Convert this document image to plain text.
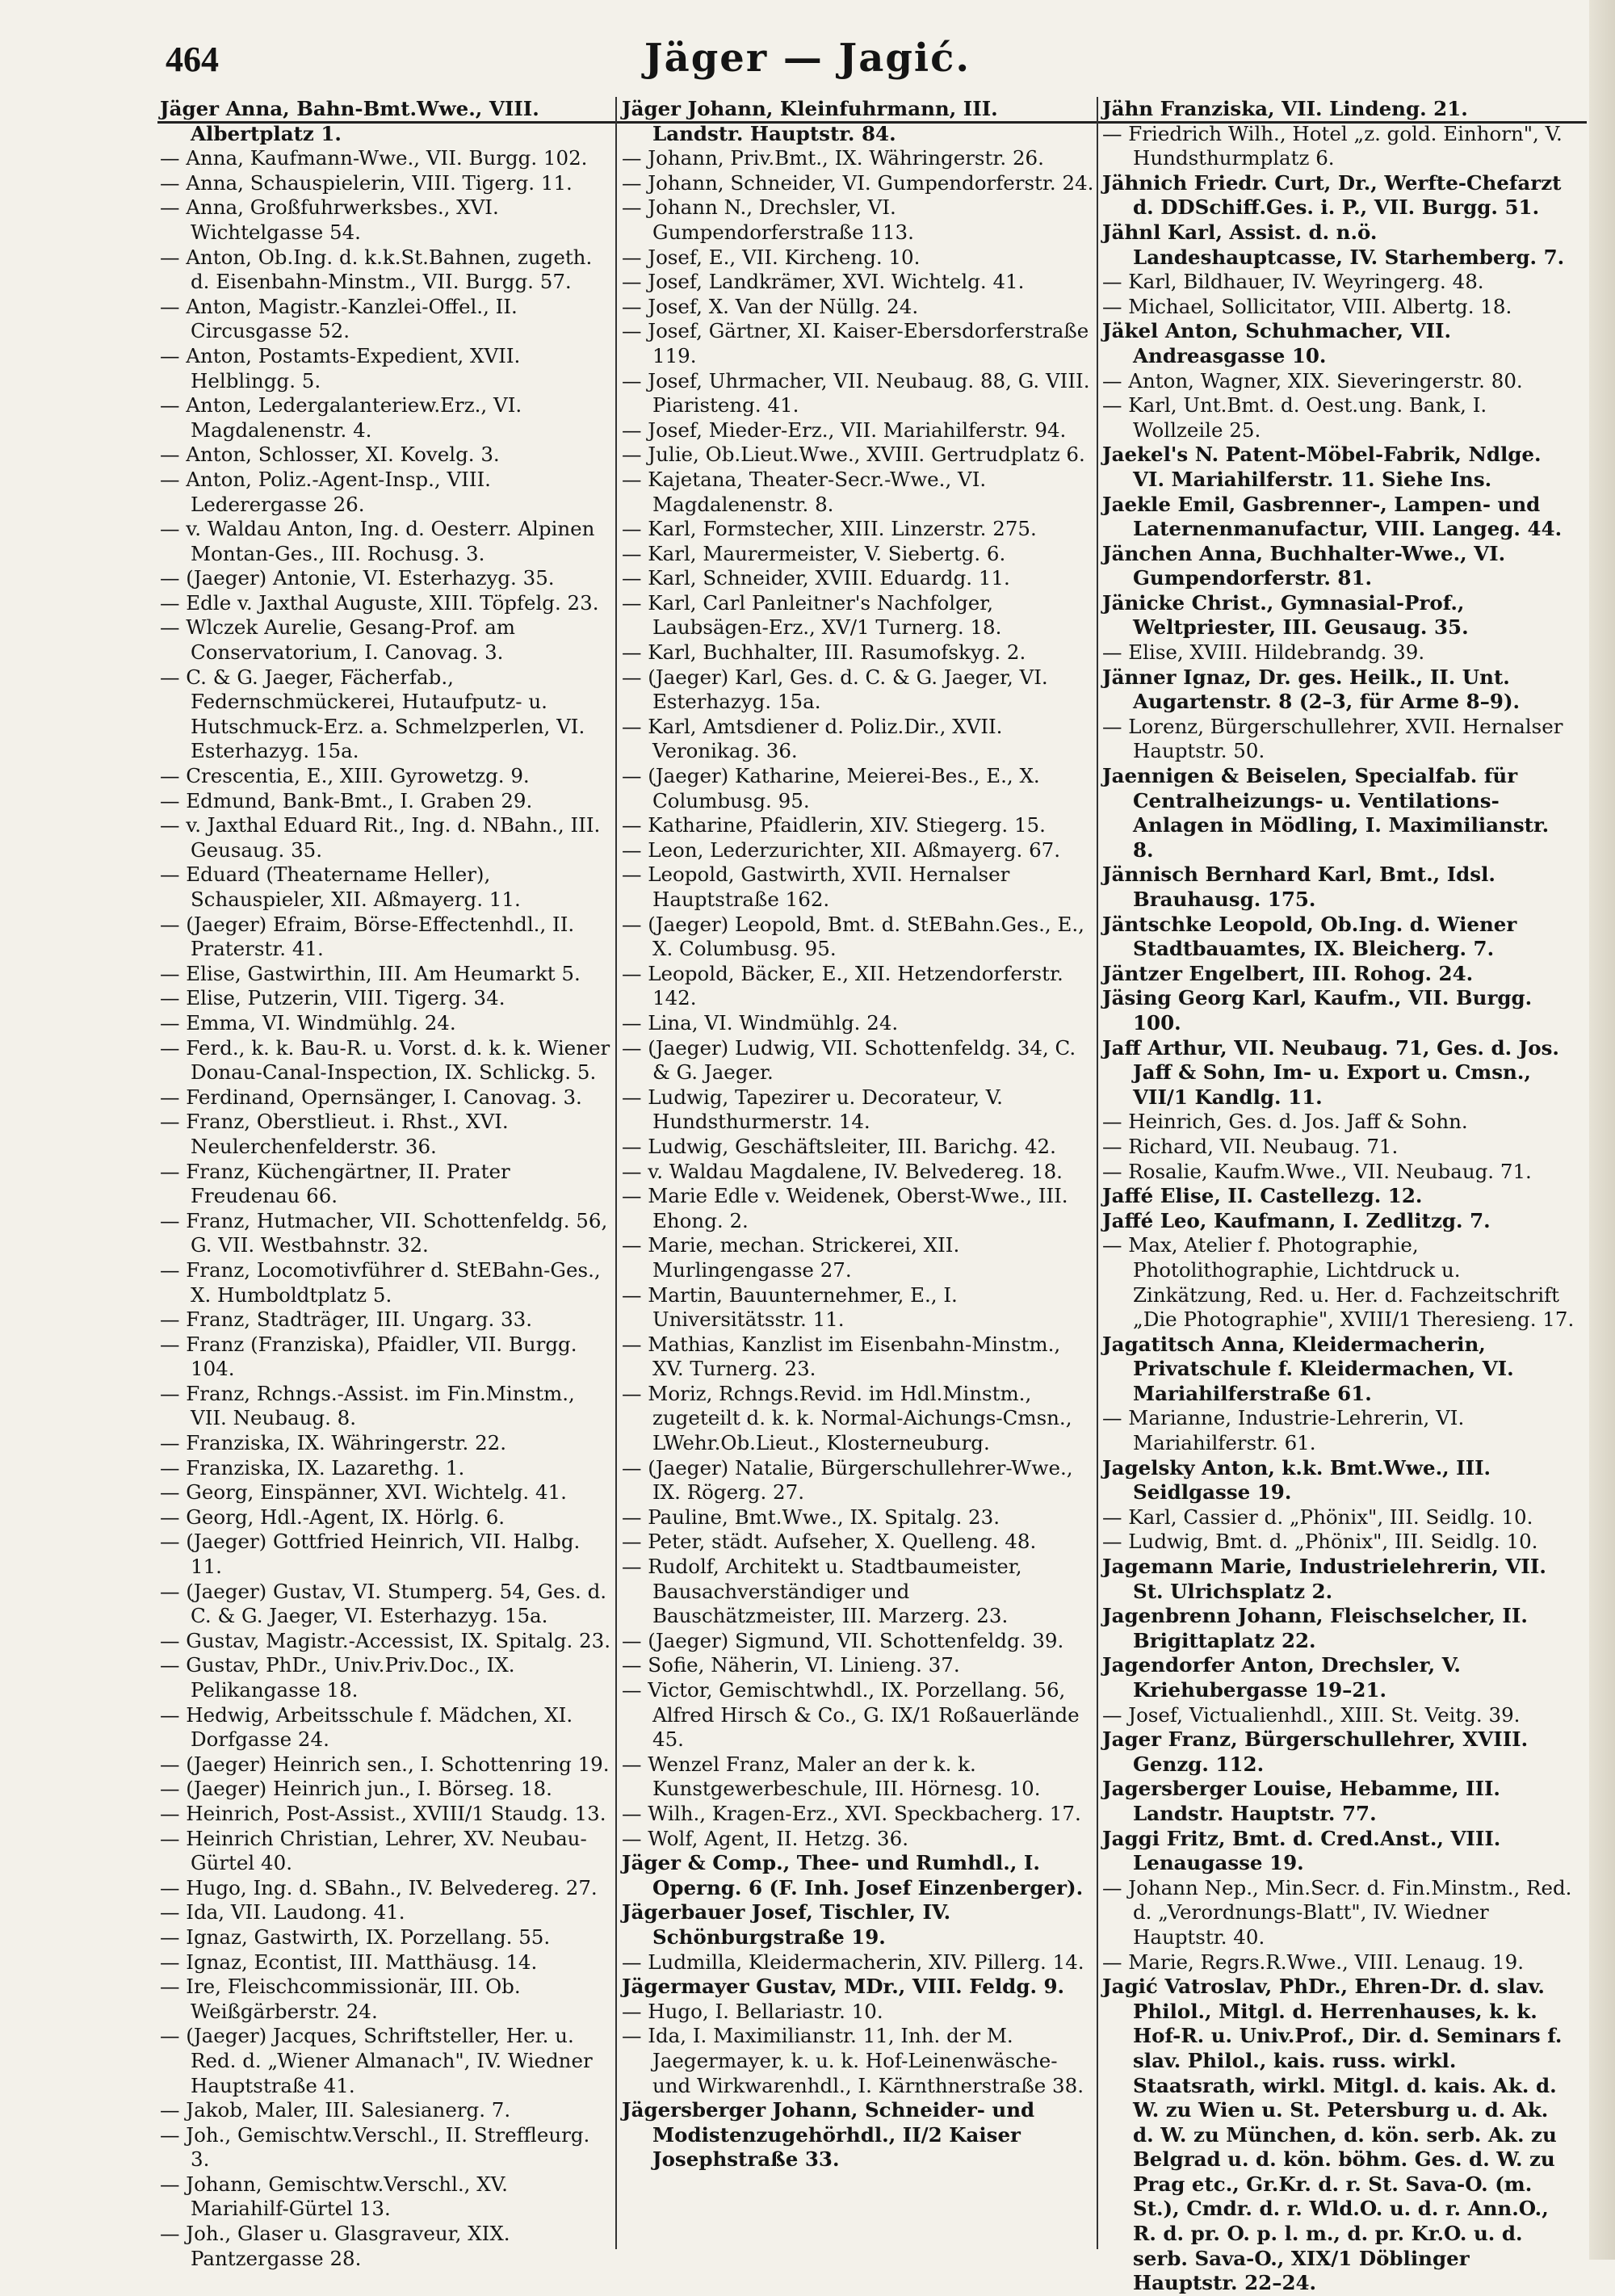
464	Jäger — Jagić.

Jäger Anna, Bahn-Bmt.Wwe., VIII. Albertplatz 1.

— Anna, Kaufmann-Wwe., VII. Burgg. 102.

— Anna, Schauspielerin, VIII. Tigerg. 11.

— Anna, Großfuhrwerksbes., XVI. Wichtelgasse 54.

— Anton, Ob.Ing. d. k.k.St.Bahnen, zugeth. d. Eisenbahn-Minstm., VII. Burgg. 57.

— Anton, Magistr.-Kanzlei-Offel., II. Circusgasse 52.

— Anton, Postamts-Expedient, XVII. Helblingg. 5.

— Anton, Ledergalanteriew.Erz., VI. Magdalenenstr. 4.

— Anton, Schlosser, XI. Kovelg. 3.

— Anton, Poliz.-Agent-Insp., VIII. Lederergasse 26.

— v. Waldau Anton, Ing. d. Oesterr. Alpinen Montan-Ges., III. Rochusg. 3.

— (Jaeger) Antonie, VI. Esterhazyg. 35.

— Edle v. Jaxthal Auguste, XIII. Töpfelg. 23.

— Wlczek Aurelie, Gesang-Prof. am Conservatorium, I. Canovag. 3.

— C. & G. Jaeger, Fächerfab., Federnschmückerei, Hutaufputz- u. Hutschmuck-Erz. a. Schmelzperlen, VI. Esterhazyg. 15a.

— Crescentia, E., XIII. Gyrowetzg. 9.

— Edmund, Bank-Bmt., I. Graben 29.

— v. Jaxthal Eduard Rit., Ing. d. NBahn., III. Geusaug. 35.

— Eduard (Theatername Heller), Schauspieler, XII. Aßmayerg. 11.

— (Jaeger) Efraim, Börse-Effectenhdl., II. Praterstr. 41.

— Elise, Gastwirthin, III. Am Heumarkt 5.

— Elise, Putzerin, VIII. Tigerg. 34.

— Emma, VI. Windmühlg. 24.

— Ferd., k. k. Bau-R. u. Vorst. d. k. k. Wiener Donau-Canal-Inspection, IX. Schlickg. 5.

— Ferdinand, Opernsänger, I. Canovag. 3.

— Franz, Oberstlieut. i. Rhst., XVI. Neulerchenfelderstr. 36.

— Franz, Küchengärtner, II. Prater Freudenau 66.

— Franz, Hutmacher, VII. Schottenfeldg. 56, G. VII. Westbahnstr. 32.

— Franz, Locomotivführer d. StEBahn-Ges., X. Humboldtplatz 5.

— Franz, Stadträger, III. Ungarg. 33.

— Franz (Franziska), Pfaidler, VII. Burgg. 104.

— Franz, Rchngs.-Assist. im Fin.Minstm., VII. Neubaug. 8.

— Franziska, IX. Währingerstr. 22.

— Franziska, IX. Lazarethg. 1.

— Georg, Einspänner, XVI. Wichtelg. 41.

— Georg, Hdl.-Agent, IX. Hörlg. 6.

— (Jaeger) Gottfried Heinrich, VII. Halbg. 11.

— (Jaeger) Gustav, VI. Stumperg. 54, Ges. d. C. & G. Jaeger, VI. Esterhazyg. 15a.

— Gustav, Magistr.-Accessist, IX. Spitalg. 23.

— Gustav, PhDr., Univ.Priv.Doc., IX. Pelikangasse 18.

— Hedwig, Arbeitsschule f. Mädchen, XI. Dorfgasse 24.

— (Jaeger) Heinrich sen., I. Schottenring 19.

— (Jaeger) Heinrich jun., I. Börseg. 18.

— Heinrich, Post-Assist., XVIII/1 Staudg. 13.

— Heinrich Christian, Lehrer, XV. Neubau-Gürtel 40.

— Hugo, Ing. d. SBahn., IV. Belvedereg. 27.

— Ida, VII. Laudong. 41.

— Ignaz, Gastwirth, IX. Porzellang. 55.

— Ignaz, Econtist, III. Matthäusg. 14.

— Ire, Fleischcommissionär, III. Ob. Weißgärberstr. 24.

— (Jaeger) Jacques, Schriftsteller, Her. u. Red. d. „Wiener Almanach", IV. Wiedner Hauptstraße 41.

— Jakob, Maler, III. Salesianerg. 7.

— Joh., Gemischtw.Verschl., II. Streffleurg. 3.

— Johann, Gemischtw.Verschl., XV. Mariahilf-Gürtel 13.

— Joh., Glaser u. Glasgraveur, XIX. Pantzergasse 28.

Jäger Johann, Kleinfuhrmann, III. Landstr. Hauptstr. 84.

— Johann, Priv.Bmt., IX. Währingerstr. 26.

— Johann, Schneider, VI. Gumpendorferstr. 24.

— Johann N., Drechsler, VI. Gumpendorferstraße 113.

— Josef, E., VII. Kircheng. 10.

— Josef, Landkrämer, XVI. Wichtelg. 41.

— Josef, X. Van der Nüllg. 24.

— Josef, Gärtner, XI. Kaiser-Ebersdorferstraße 119.

— Josef, Uhrmacher, VII. Neubaug. 88, G. VIII. Piaristeng. 41.

— Josef, Mieder-Erz., VII. Mariahilferstr. 94.

— Julie, Ob.Lieut.Wwe., XVIII. Gertrudplatz 6.

— Kajetana, Theater-Secr.-Wwe., VI. Magdalenenstr. 8.

— Karl, Formstecher, XIII. Linzerstr. 275.

— Karl, Maurermeister, V. Siebertg. 6.

— Karl, Schneider, XVIII. Eduardg. 11.

— Karl, Carl Panleitner's Nachfolger, Laubsägen-Erz., XV/1 Turnerg. 18.

— Karl, Buchhalter, III. Rasumofskyg. 2.

— (Jaeger) Karl, Ges. d. C. & G. Jaeger, VI. Esterhazyg. 15a.

— Karl, Amtsdiener d. Poliz.Dir., XVII. Veronikag. 36.

— (Jaeger) Katharine, Meierei-Bes., E., X. Columbusg. 95.

— Katharine, Pfaidlerin, XIV. Stiegerg. 15.

— Leon, Lederzurichter, XII. Aßmayerg. 67.

— Leopold, Gastwirth, XVII. Hernalser Hauptstraße 162.

— (Jaeger) Leopold, Bmt. d. StEBahn.Ges., E., X. Columbusg. 95.

— Leopold, Bäcker, E., XII. Hetzendorferstr. 142.

— Lina, VI. Windmühlg. 24.

— (Jaeger) Ludwig, VII. Schottenfeldg. 34, C. & G. Jaeger.

— Ludwig, Tapezirer u. Decorateur, V. Hundsthurmerstr. 14.

— Ludwig, Geschäftsleiter, III. Barichg. 42.

— v. Waldau Magdalene, IV. Belvedereg. 18.

— Marie Edle v. Weidenek, Oberst-Wwe., III. Ehong. 2.

— Marie, mechan. Strickerei, XII. Murlingengasse 27.

— Martin, Bauunternehmer, E., I. Universitätsstr. 11.

— Mathias, Kanzlist im Eisenbahn-Minstm., XV. Turnerg. 23.

— Moriz, Rchngs.Revid. im Hdl.Minstm., zugeteilt d. k. k. Normal-Aichungs-Cmsn., LWehr.Ob.Lieut., Klosterneuburg.

— (Jaeger) Natalie, Bürgerschullehrer-Wwe., IX. Rögerg. 27.

— Pauline, Bmt.Wwe., IX. Spitalg. 23.

— Peter, städt. Aufseher, X. Quelleng. 48.

— Rudolf, Architekt u. Stadtbaumeister, Bausachverständiger und Bauschätzmeister, III. Marzerg. 23.

— (Jaeger) Sigmund, VII. Schottenfeldg. 39.

— Sofie, Näherin, VI. Linieng. 37.

— Victor, Gemischtwhdl., IX. Porzellang. 56, Alfred Hirsch & Co., G. IX/1 Roßauerlände 45.

— Wenzel Franz, Maler an der k. k. Kunstgewerbeschule, III. Hörnesg. 10.

— Wilh., Kragen-Erz., XVI. Speckbacherg. 17.

— Wolf, Agent, II. Hetzg. 36.

Jäger & Comp., Thee- und Rumhdl., I. Operng. 6 (F. Inh. Josef Einzenberger).

Jägerbauer Josef, Tischler, IV. Schönburgstraße 19.

— Ludmilla, Kleidermacherin, XIV. Pillerg. 14.

Jägermayer Gustav, MDr., VIII. Feldg. 9.

— Hugo, I. Bellariastr. 10.

— Ida, I. Maximilianstr. 11, Inh. der M. Jaegermayer, k. u. k. Hof-Leinenwäsche- und Wirkwarenhdl., I. Kärnthnerstraße 38.

Jägersberger Johann, Schneider- und Modistenzugehörhdl., II/2 Kaiser Josephstraße 33.

Jähn Franziska, VII. Lindeng. 21.

— Friedrich Wilh., Hotel „z. gold. Einhorn", V. Hundsthurmplatz 6.

Jähnich Friedr. Curt, Dr., Werfte-Chefarzt d. DDSchiff.Ges. i. P., VII. Burgg. 51.

Jähnl Karl, Assist. d. n.ö. Landeshauptcasse, IV. Starhemberg. 7.

— Karl, Bildhauer, IV. Weyringerg. 48.

— Michael, Sollicitator, VIII. Albertg. 18.

Jäkel Anton, Schuhmacher, VII. Andreasgasse 10.

— Anton, Wagner, XIX. Sieveringerstr. 80.

— Karl, Unt.Bmt. d. Oest.ung. Bank, I. Wollzeile 25.

Jaekel's N. Patent-Möbel-Fabrik, Ndlge. VI. Mariahilferstr. 11. Siehe Ins.

Jaekle Emil, Gasbrenner-, Lampen- und Laternenmanufactur, VIII. Langeg. 44.

Jänchen Anna, Buchhalter-Wwe., VI. Gumpendorferstr. 81.

Jänicke Christ., Gymnasial-Prof., Weltpriester, III. Geusaug. 35.

— Elise, XVIII. Hildebrandg. 39.

Jänner Ignaz, Dr. ges. Heilk., II. Unt. Augartenstr. 8 (2–3, für Arme 8–9).

— Lorenz, Bürgerschullehrer, XVII. Hernalser Hauptstr. 50.

Jaennigen & Beiselen, Specialfab. für Centralheizungs- u. Ventilations-Anlagen in Mödling, I. Maximilianstr. 8.

Jännisch Bernhard Karl, Bmt., Idsl. Brauhausg. 175.

Jäntschke Leopold, Ob.Ing. d. Wiener Stadtbauamtes, IX. Bleicherg. 7.

Jäntzer Engelbert, III. Rohog. 24.

Jäsing Georg Karl, Kaufm., VII. Burgg. 100.

Jaff Arthur, VII. Neubaug. 71, Ges. d. Jos. Jaff & Sohn, Im- u. Export u. Cmsn., VII/1 Kandlg. 11.

— Heinrich, Ges. d. Jos. Jaff & Sohn.

— Richard, VII. Neubaug. 71.

— Rosalie, Kaufm.Wwe., VII. Neubaug. 71.

Jaffé Elise, II. Castellezg. 12.

Jaffé Leo, Kaufmann, I. Zedlitzg. 7.

— Max, Atelier f. Photographie, Photolithographie, Lichtdruck u. Zinkätzung, Red. u. Her. d. Fachzeitschrift „Die Photographie", XVIII/1 Theresieng. 17.

Jagatitsch Anna, Kleidermacherin, Privatschule f. Kleidermachen, VI. Mariahilferstraße 61.

— Marianne, Industrie-Lehrerin, VI. Mariahilferstr. 61.

Jagelsky Anton, k.k. Bmt.Wwe., III. Seidlgasse 19.

— Karl, Cassier d. „Phönix", III. Seidlg. 10.

— Ludwig, Bmt. d. „Phönix", III. Seidlg. 10.

Jagemann Marie, Industrielehrerin, VII. St. Ulrichsplatz 2.

Jagenbrenn Johann, Fleischselcher, II. Brigittaplatz 22.

Jagendorfer Anton, Drechsler, V. Kriehubergasse 19–21.

— Josef, Victualienhdl., XIII. St. Veitg. 39.

Jager Franz, Bürgerschullehrer, XVIII. Genzg. 112.

Jagersberger Louise, Hebamme, III. Landstr. Hauptstr. 77.

Jaggi Fritz, Bmt. d. Cred.Anst., VIII. Lenaugasse 19.

— Johann Nep., Min.Secr. d. Fin.Minstm., Red. d. „Verordnungs-Blatt", IV. Wiedner Hauptstr. 40.

— Marie, Regrs.R.Wwe., VIII. Lenaug. 19.

Jagić Vatroslav, PhDr., Ehren-Dr. d. slav. Philol., Mitgl. d. Herrenhauses, k. k. Hof-R. u. Univ.Prof., Dir. d. Seminars f. slav. Philol., kais. russ. wirkl. Staatsrath, wirkl. Mitgl. d. kais. Ak. d. W. zu Wien u. St. Petersburg u. d. Ak. d. W. zu München, d. kön. serb. Ak. zu Belgrad u. d. kön. böhm. Ges. d. W. zu Prag etc., Gr.Kr. d. r. St. Sava-O. (m. St.), Cmdr. d. r. Wld.O. u. d. r. Ann.O., R. d. pr. O. p. l. m., d. pr. Kr.O. u. d. serb. Sava-O., XIX/1 Döblinger Hauptstr. 22–24.
